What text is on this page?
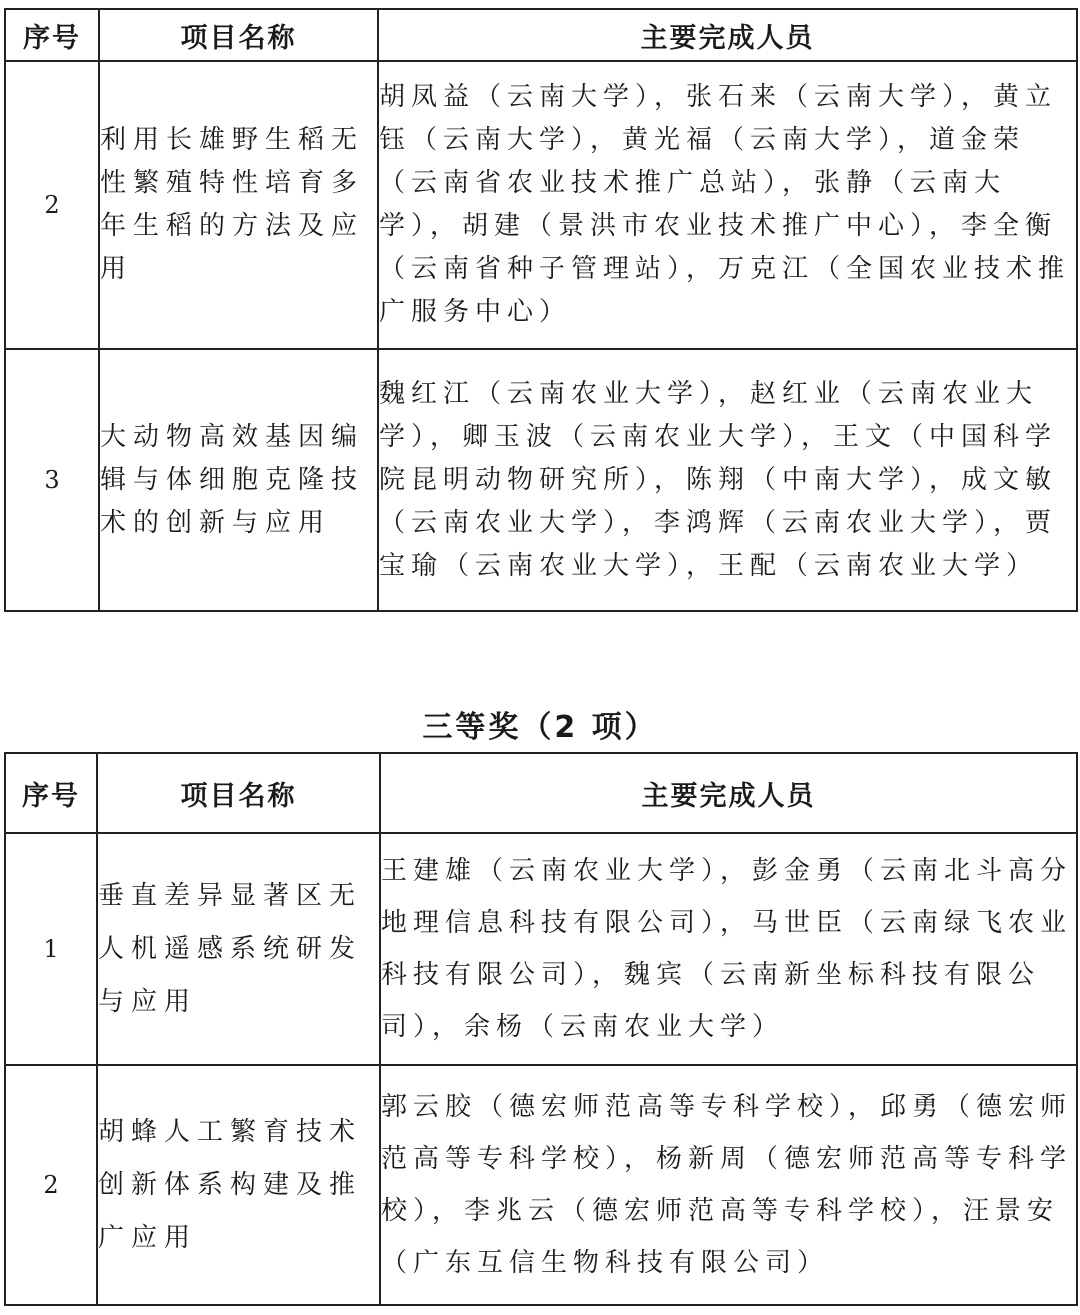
序号	项目名称	主要完成人员
2	利用长雄野生稻无性繁殖特性培育多年生稻的方法及应用	胡凤益（云南大学），张石来（云南大学），黄立钰（云南大学），黄光福（云南大学），道金荣（云南省农业技术推广总站），张静（云南大学），胡建（景洪市农业技术推广中心），李全衡（云南省种子管理站），万克江（全国农业技术推广服务中心）
3	大动物高效基因编辑与体细胞克隆技术的创新与应用	魏红江（云南农业大学），赵红业（云南农业大学），卿玉波（云南农业大学），王文（中国科学院昆明动物研究所），陈翔（中南大学），成文敏（云南农业大学），李鸿辉（云南农业大学），贾宝瑜（云南农业大学），王配（云南农业大学）
三等奖（2 项）
序号	项目名称	主要完成人员
1	垂直差异显著区无人机遥感系统研发与应用	王建雄（云南农业大学），彭金勇（云南北斗高分地理信息科技有限公司），马世臣（云南绿飞农业科技有限公司），魏宾（云南新坐标科技有限公司），余杨（云南农业大学）
2	胡蜂人工繁育技术创新体系构建及推广应用	郭云胶（德宏师范高等专科学校），邱勇（德宏师范高等专科学校），杨新周（德宏师范高等专科学校），李兆云（德宏师范高等专科学校），汪景安（广东互信生物科技有限公司）
